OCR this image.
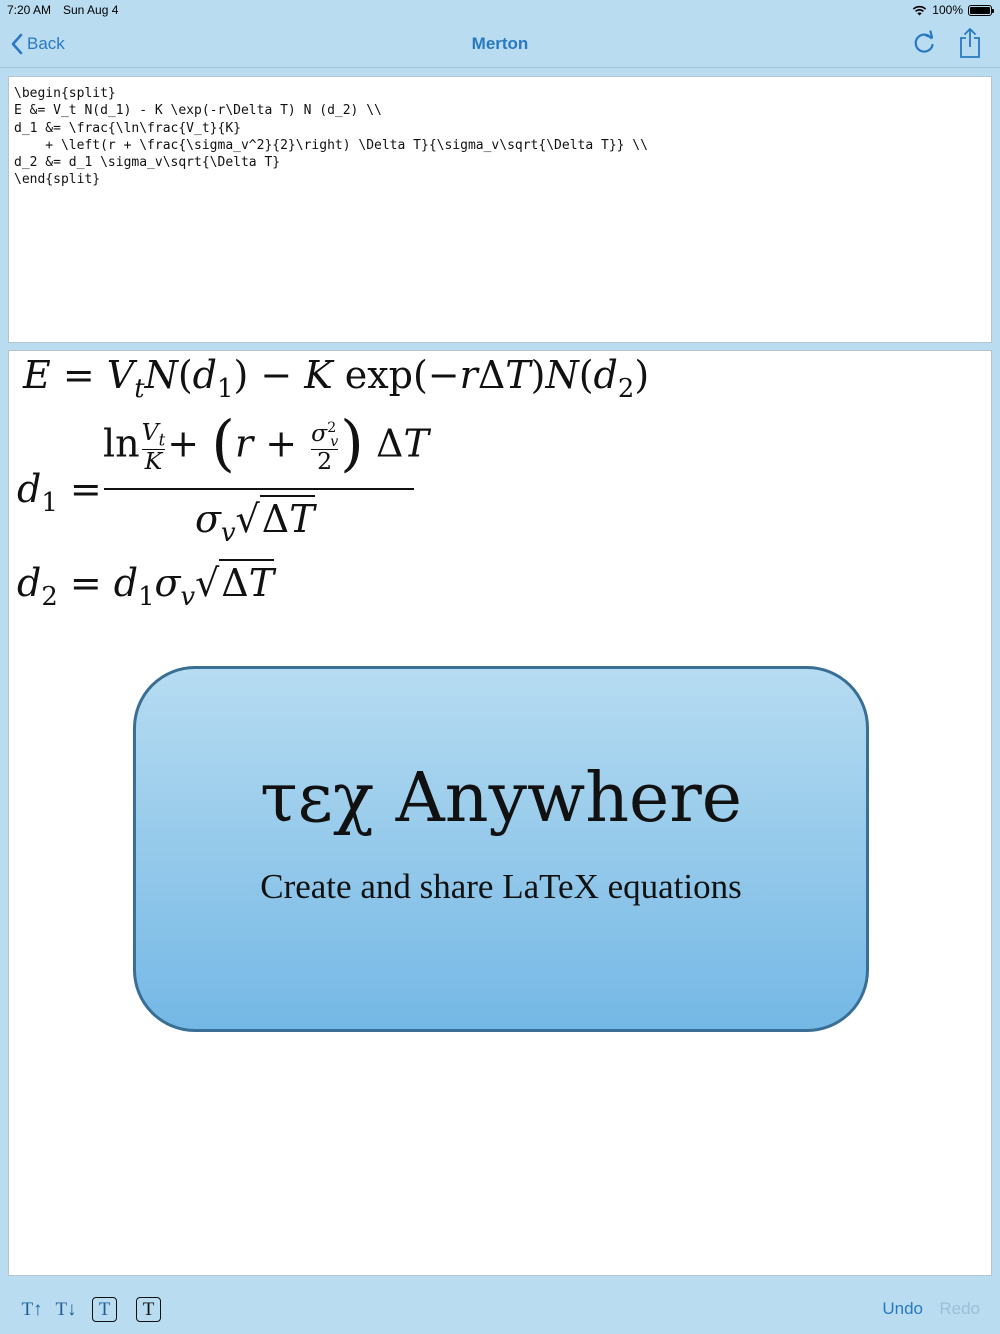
7:20 AM Sun Aug 4	100%
Back	Merton
\begin{split}
E &= V_t N(d_1) - K \exp(-r\Delta T) N (d_2) \\
d_1 &= \frac{\ln\frac{V_t}{K}
+ \left(r + \frac{\sigma_v^2}{2}\right) \Delta T}{\sigma_v\sqrt{\Delta T}} \\
d_2 &= d_1 \sigma_v\sqrt{\Delta T}
\end{split}
$E = V_tN(d_1) - K$ $\exp(-r\Delta T)N(d_2)$
$\ln \frac{V_t}{K} + (r + \frac{\sigma^2_v}{2}$ ) ΔT
$d_1$ =
$\sigma_v√\Delta T$
$d_2 = d_1\sigma_v√\Delta T$
τεχ Anywhere
Create and share LaTeX equations
T↑ T↓	T	T	Undo Redo
